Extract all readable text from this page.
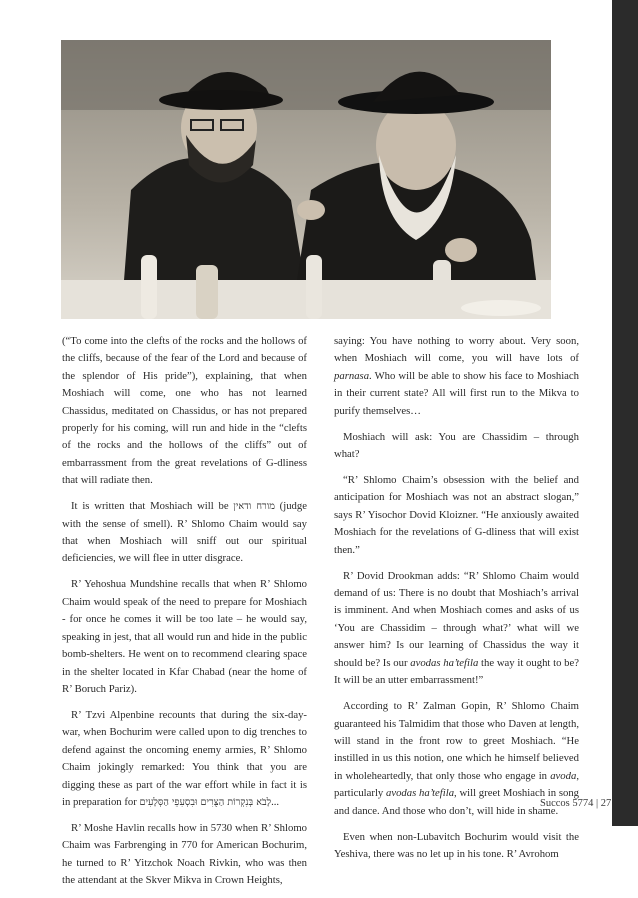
(“To come into the clefts of the rocks and the hollows of the cliffs, because of the fear of the Lord and because of the splendor of His pride”), explaining, that when Moshiach will come, one who has not learned Chassidus, meditated on Chassidus, or has not prepared properly for his coming, will run and hide in the “clefts of the rocks and the hollows of the cliffs” out of embarrassment from the great revelations of G-dliness that will radiate then.

It is written that Moshiach will be מורח ודאין (judge with the sense of smell). R’ Shlomo Chaim would say that when Moshiach will sniff out our spiritual deficiencies, we will flee in utter disgrace.

R’ Yehoshua Mundshine recalls that when R’ Shlomo Chaim would speak of the need to prepare for Moshiach - for once he comes it will be too late – he would say, speaking in jest, that all would run and hide in the public bomb-shelters. He went on to recommend clearing space in the shelter located in Kfar Chabad (near the home of R’ Boruch Pariz).

R’ Tzvi Alpenbine recounts that during the six-day-war, when Bochurim were called upon to dig trenches to defend against the oncoming enemy armies, R’ Shlomo Chaim jokingly remarked: You think that you are digging these as part of the war effort while in fact it is in preparation for לָבֹא בְּנִקְרוֹת הַצֻּרִים וּבִסְעִפֵי הַסְּלָעִים...

R’ Moshe Havlin recalls how in 5730 when R’ Shlomo Chaim was Farbrenging in 770 for American Bochurim, he turned to R’ Yitzchok Noach Rivkin, who was then the attendant at the Skver Mikva in Crown Heights,

saying: You have nothing to worry about. Very soon, when Moshiach will come, you will have lots of parnasa. Who will be able to show his face to Moshiach in their current state? All will first run to the Mikva to purify themselves…

Moshiach will ask: You are Chassidim – through what?

“R’ Shlomo Chaim’s obsession with the belief and anticipation for Moshiach was not an abstract slogan,” says R’ Yisochor Dovid Kloizner. “He anxiously awaited Moshiach for the revelations of G-dliness that will exist then.”

R’ Dovid Drookman adds: “R’ Shlomo Chaim would demand of us: There is no doubt that Moshiach’s arrival is imminent. And when Moshiach comes and asks of us ‘You are Chassidim – through what?’ what will we answer him? Is our learning of Chassidus the way it should be? Is our avodas ha’tefila the way it ought to be? It will be an utter embarrassment!”

According to R’ Zalman Gopin, R’ Shlomo Chaim guaranteed his Talmidim that those who Daven at length, will stand in the front row to greet Moshiach. “He instilled in us this notion, one which he himself believed in wholeheartedly, that only those who engage in avoda, particularly avodas ha’tefila, will greet Moshiach in song and dance. And those who don’t, will hide in shame.

Even when non-Lubavitch Bochurim would visit the Yeshiva, there was no let up in his tone. R’ Avrohom

Succos 5774 | 27
